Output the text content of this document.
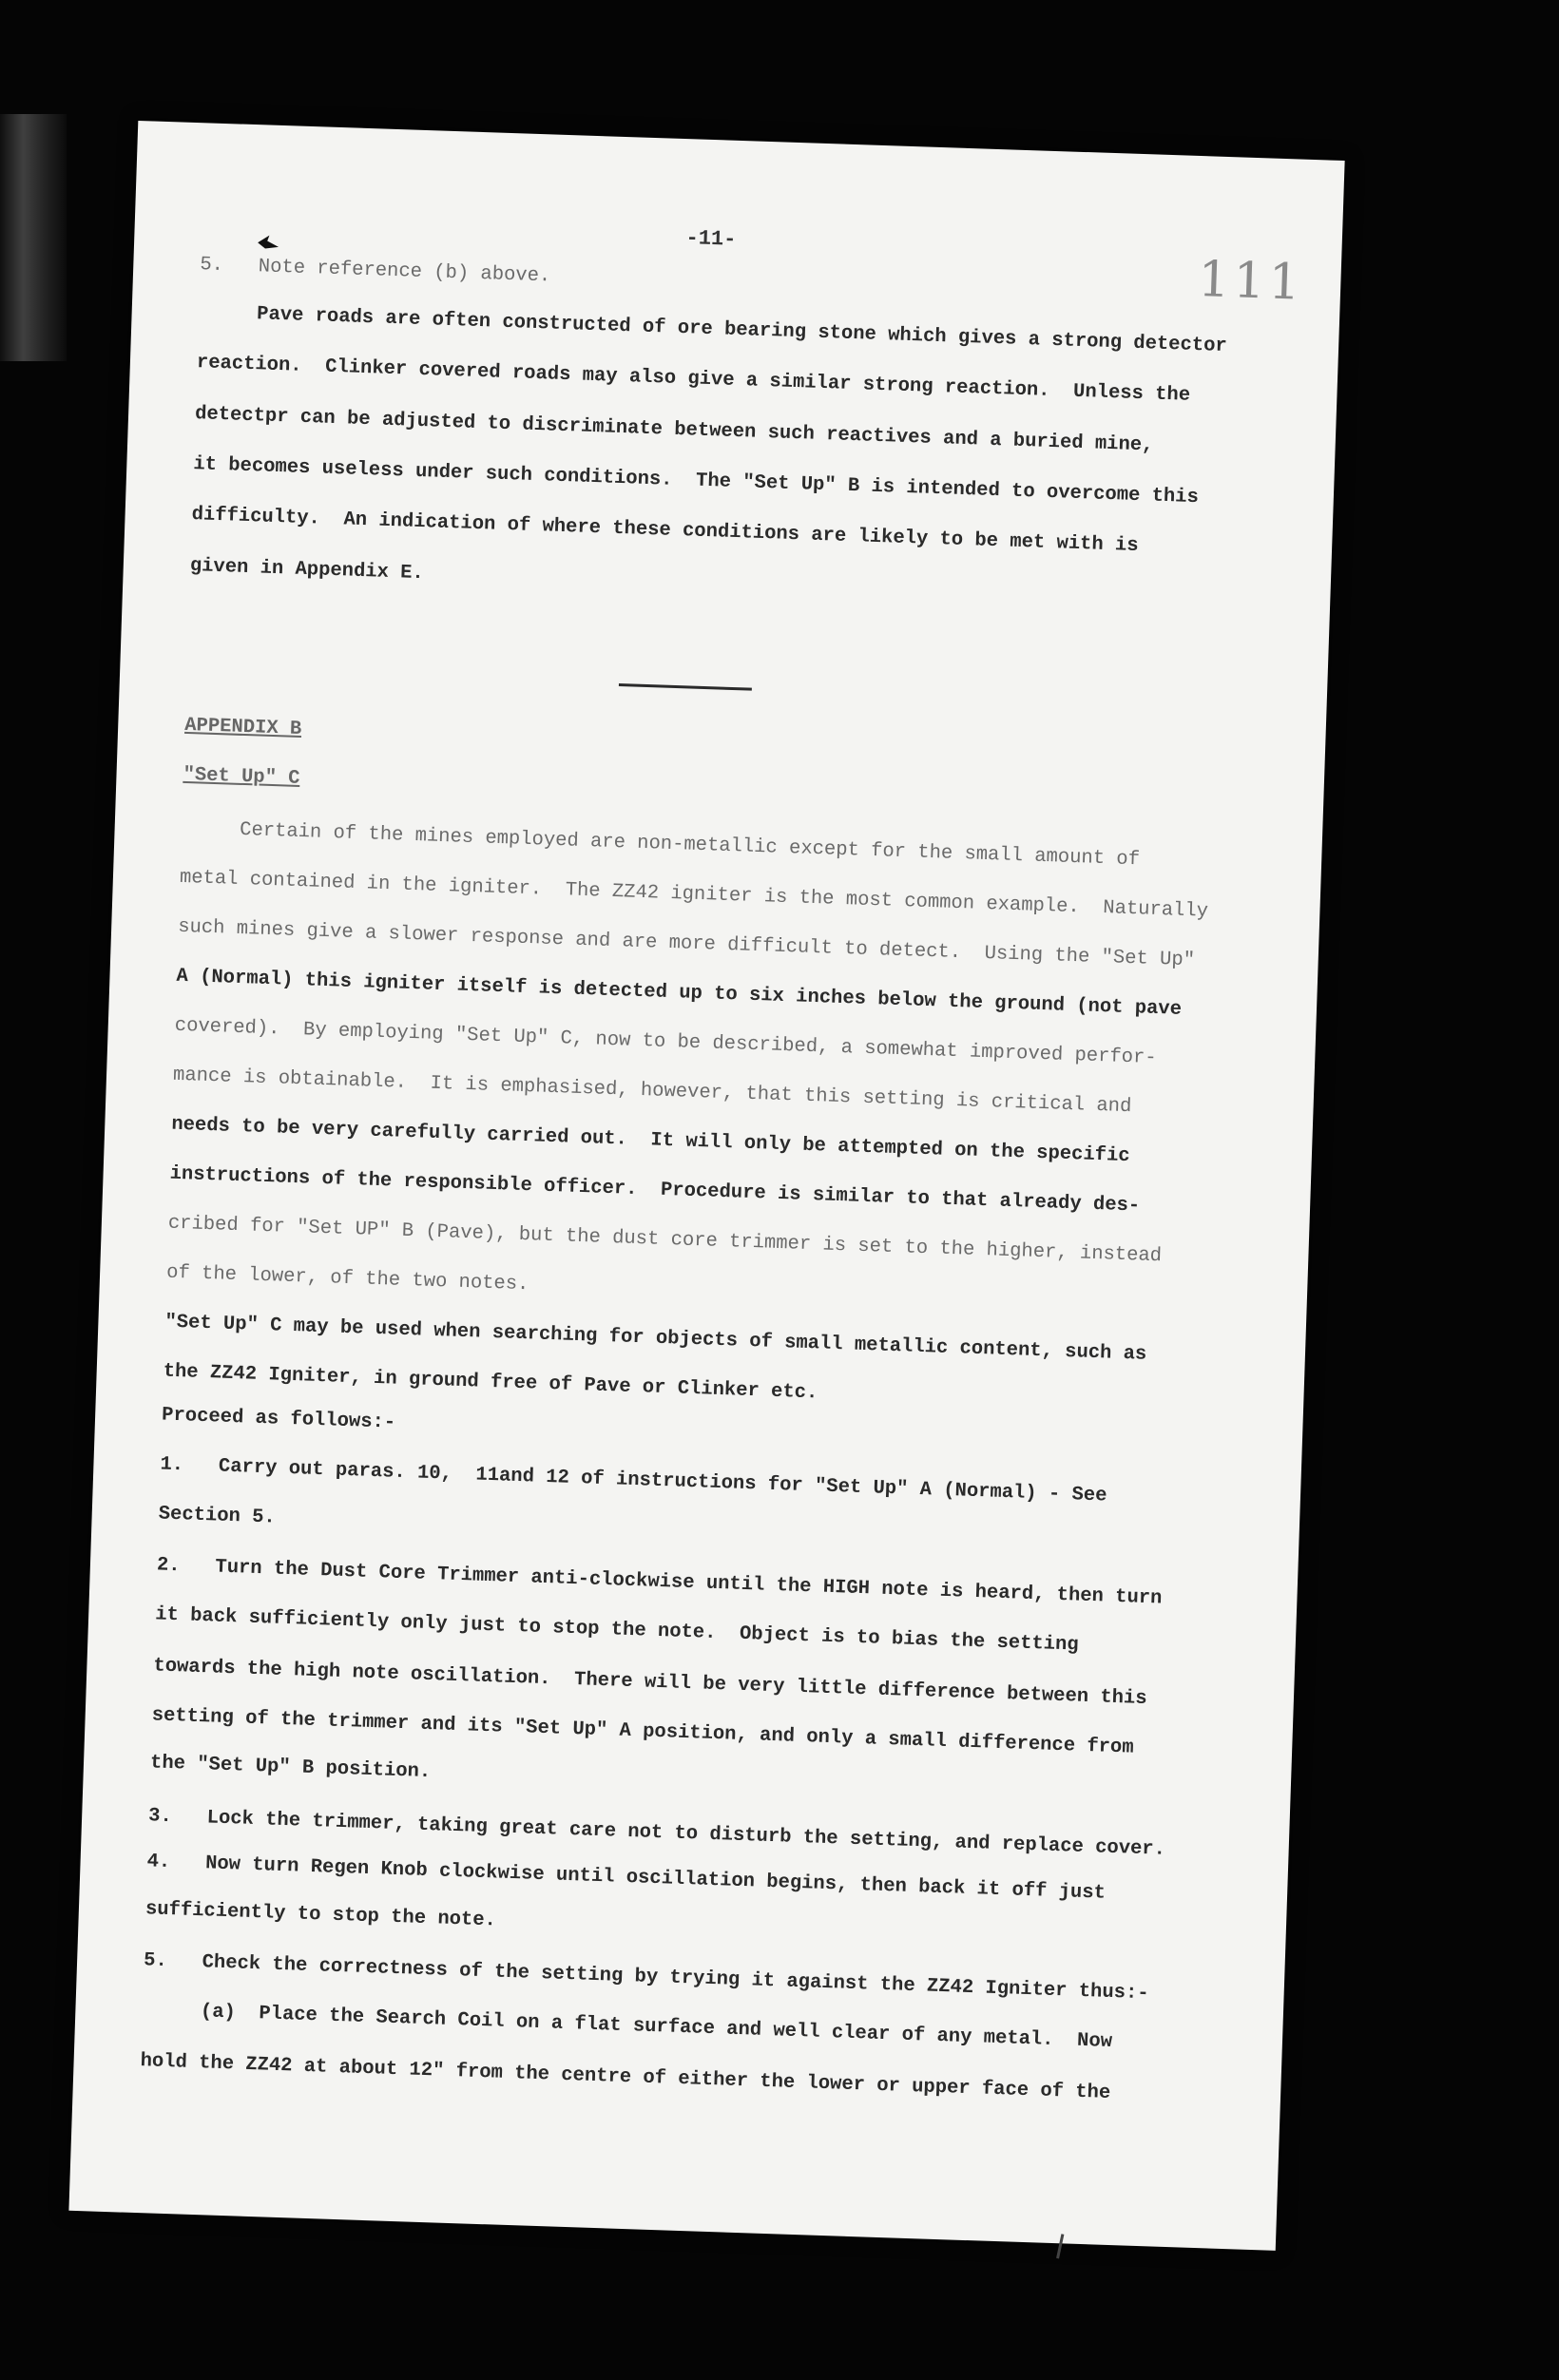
-11-
111
5.   Note reference (b) above.
Pave roads are often constructed of ore bearing stone which gives a strong detector
reaction.  Clinker covered roads may also give a similar strong reaction.  Unless the
detectpr can be adjusted to discriminate between such reactives and a buried mine,
it becomes useless under such conditions.  The "Set Up" B is intended to overcome this
difficulty.  An indication of where these conditions are likely to be met with is
given in Appendix E.
APPENDIX B
"Set Up" C
Certain of the mines employed are non-metallic except for the small amount of
metal contained in the igniter.  The ZZ42 igniter is the most common example.  Naturally
such mines give a slower response and are more difficult to detect.  Using the "Set Up"
A (Normal) this igniter itself is detected up to six inches below the ground (not pave
covered).  By employing "Set Up" C, now to be described, a somewhat improved perfor-
mance is obtainable.  It is emphasised, however, that this setting is critical and
needs to be very carefully carried out.  It will only be attempted on the specific
instructions of the responsible officer.  Procedure is similar to that already des-
cribed for "Set UP" B (Pave), but the dust core trimmer is set to the higher, instead
of the lower, of the two notes.
"Set Up" C may be used when searching for objects of small metallic content, such as
the ZZ42 Igniter, in ground free of Pave or Clinker etc.
Proceed as follows:-
1.   Carry out paras. 10,  11and 12 of instructions for "Set Up" A (Normal) - See
Section 5.
2.   Turn the Dust Core Trimmer anti-clockwise until the HIGH note is heard, then turn
it back sufficiently only just to stop the note.  Object is to bias the setting
towards the high note oscillation.  There will be very little difference between this
setting of the trimmer and its "Set Up" A position, and only a small difference from
the "Set Up" B position.
3.   Lock the trimmer, taking great care not to disturb the setting, and replace cover.
4.   Now turn Regen Knob clockwise until oscillation begins, then back it off just
sufficiently to stop the note.
5.   Check the correctness of the setting by trying it against the ZZ42 Igniter thus:-
(a)  Place the Search Coil on a flat surface and well clear of any metal.  Now
hold the ZZ42 at about 12" from the centre of either the lower or upper face of the
